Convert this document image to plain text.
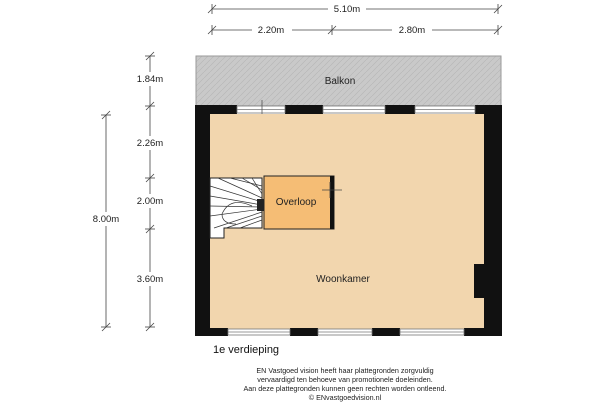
Balkon
Overloop
Woonkamer
5.10m
2.20m	2.80m
1.84m
2.26m
2.00m
3.60m
8.00m
1e verdieping
EN Vastgoed vision heeft haar plattegronden zorgvuldig
vervaardigd ten behoeve van promotionele doeleinden.
Aan deze plattegronden kunnen geen rechten worden ontleend.
© ENvastgoedvision.nl
